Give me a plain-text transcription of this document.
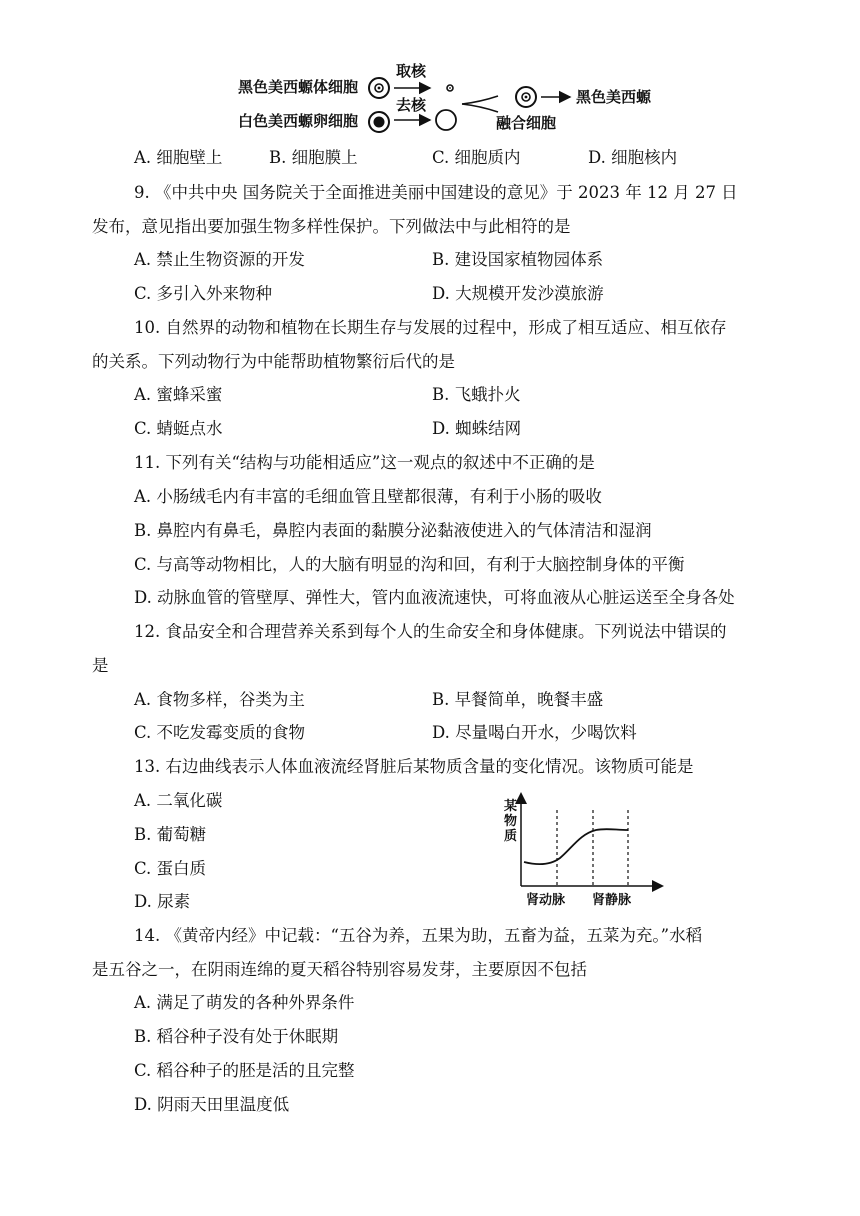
黑色美西螈体细胞
白色美西螈卵细胞
取核
去核
融合细胞
黑色美西螈
A. 细胞壁上	B. 细胞膜上	C. 细胞质内	D. 细胞核内
9. 《中共中央 国务院关于全面推进美丽中国建设的意见》于 2023 年 12 月 27 日
发布，意见指出要加强生物多样性保护。下列做法中与此相符的是
A. 禁止生物资源的开发	B. 建设国家植物园体系
C. 多引入外来物种	D. 大规模开发沙漠旅游
10. 自然界的动物和植物在长期生存与发展的过程中，形成了相互适应、相互依存
的关系。下列动物行为中能帮助植物繁衍后代的是
A. 蜜蜂采蜜	B. 飞蛾扑火
C. 蜻蜓点水	D. 蜘蛛结网
11. 下列有关“结构与功能相适应”这一观点的叙述中不正确的是
A. 小肠绒毛内有丰富的毛细血管且壁都很薄，有利于小肠的吸收
B. 鼻腔内有鼻毛，鼻腔内表面的黏膜分泌黏液使进入的气体清洁和湿润
C. 与高等动物相比，人的大脑有明显的沟和回，有利于大脑控制身体的平衡
D. 动脉血管的管壁厚、弹性大，管内血液流速快，可将血液从心脏运送至全身各处
12. 食品安全和合理营养关系到每个人的生命安全和身体健康。下列说法中错误的
是
A. 食物多样，谷类为主	B. 早餐简单，晚餐丰盛
C. 不吃发霉变质的食物	D. 尽量喝白开水，少喝饮料
13. 右边曲线表示人体血液流经肾脏后某物质含量的变化情况。该物质可能是
A. 二氧化碳
B. 葡萄糖
C. 蛋白质
D. 尿素
某 物 质
肾动脉 肾静脉
14. 《黄帝内经》中记载：“五谷为养，五果为助，五畜为益，五菜为充。”水稻
是五谷之一，在阴雨连绵的夏天稻谷特别容易发芽，主要原因不包括
A. 满足了萌发的各种外界条件
B. 稻谷种子没有处于休眠期
C. 稻谷种子的胚是活的且完整
D. 阴雨天田里温度低
